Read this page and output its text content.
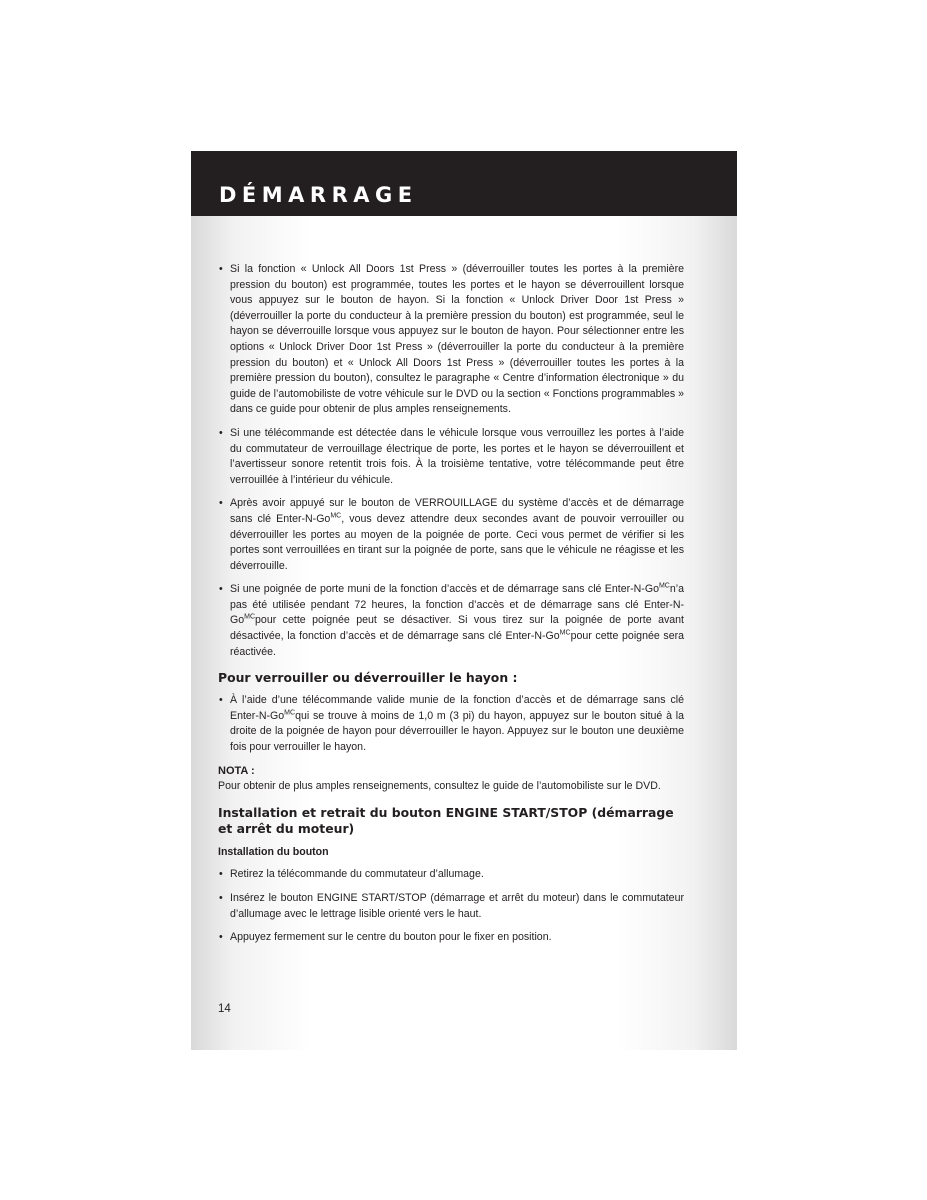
DÉMARRAGE
• Si la fonction « Unlock All Doors 1st Press » (déverrouiller toutes les portes à la première pression du bouton) est programmée, toutes les portes et le hayon se déverrouillent lorsque vous appuyez sur le bouton de hayon. Si la fonction « Unlock Driver Door 1st Press » (déverrouiller la porte du conducteur à la première pression du bouton) est programmée, seul le hayon se déverrouille lorsque vous appuyez sur le bouton de hayon. Pour sélectionner entre les options « Unlock Driver Door 1st Press » (déverrouiller la porte du conducteur à la première pression du bouton) et « Unlock All Doors 1st Press » (déverrouiller toutes les portes à la première pression du bouton), consultez le paragraphe « Centre d’information électronique » du guide de l’automobiliste de votre véhicule sur le DVD ou la section « Fonctions programmables » dans ce guide pour obtenir de plus amples renseignements.
• Si une télécommande est détectée dans le véhicule lorsque vous verrouillez les portes à l’aide du commutateur de verrouillage électrique de porte, les portes et le hayon se déverrouillent et l’avertisseur sonore retentit trois fois. À la troisième tentative, votre télécommande peut être verrouillée à l’intérieur du véhicule.
• Après avoir appuyé sur le bouton de VERROUILLAGE du système d’accès et de démarrage sans clé Enter-$N-Go^{MC}$, vous devez attendre deux secondes avant de pouvoir verrouiller ou déverrouiller les portes au moyen de la poignée de porte. Ceci vous permet de vérifier si les portes sont verrouillées en tirant sur la poignée de porte, sans que le véhicule ne réagisse et les déverrouille.
• Si une poignée de porte muni de la fonction d’accès et de démarrage sans clé Enter-$N-Go^{MC}n’a$ pas été utilisée pendant 72 heures, la fonction d’accès et de démarrage sans clé Enter-$N-Go^{MC}pour$ cette poignée peut se désactiver. Si vous tirez sur la poignée de porte avant désactivée, la fonction d’accès et de démarrage sans clé Enter-$N-Go^{MC}pour$ cette poignée sera réactivée.
Pour verrouiller ou déverrouiller le hayon :
• À l’aide d’une télécommande valide munie de la fonction d’accès et de démarrage sans clé Enter-$N-Go^{MC}qui$ se trouve à moins de 1,0 m (3 pi) du hayon, appuyez sur le bouton situé à la droite de la poignée de hayon pour déverrouiller le hayon. Appuyez sur le bouton une deuxième fois pour verrouiller le hayon.
NOTA :
Pour obtenir de plus amples renseignements, consultez le guide de l’automobiliste sur le DVD.
Installation et retrait du bouton ENGINE START/STOP (démarrage et arrêt du moteur)
Installation du bouton
• Retirez la télécommande du commutateur d’allumage.
• Insérez le bouton ENGINE START/STOP (démarrage et arrêt du moteur) dans le commutateur d’allumage avec le lettrage lisible orienté vers le haut.
• Appuyez fermement sur le centre du bouton pour le fixer en position.
14
